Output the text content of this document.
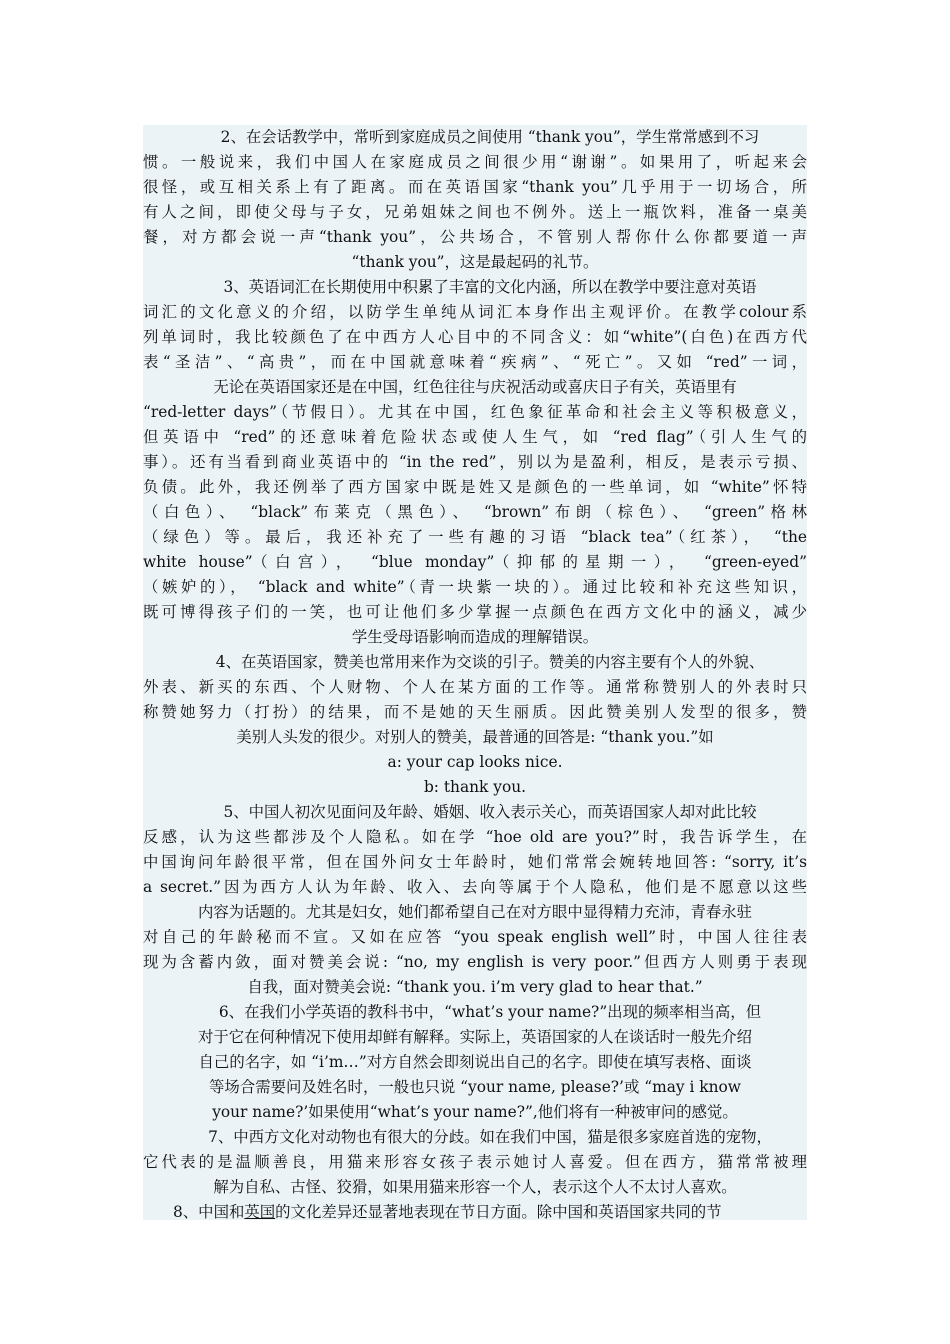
2、在会话教学中，常听到家庭成员之间使用 “thank you”，学生常常感到不习
惯。一般说来，我们中国人在家庭成员之间很少用“谢谢”。如果用了，听起来会
很怪，或互相关系上有了距离。而在英语国家“thank you”几乎用于一切场合，所
有人之间，即使父母与子女，兄弟姐妹之间也不例外。送上一瓶饮料，准备一桌美
餐，对方都会说一声“thank you”，公共场合，不管别人帮你什么你都要道一声
“thank you”，这是最起码的礼节。
3、英语词汇在长期使用中积累了丰富的文化内涵，所以在教学中要注意对英语
词汇的文化意义的介绍，以防学生单纯从词汇本身作出主观评价。在教学colour系
列单词时，我比较颜色了在中西方人心目中的不同含义：如“white”(白色)在西方代
表“圣洁”、“高贵”，而在中国就意味着“疾病”、“死亡”。又如 “red”一词，
无论在英语国家还是在中国，红色往往与庆祝活动或喜庆日子有关，英语里有
“red-letter days”（节假日）。尤其在中国，红色象征革命和社会主义等积极意义，
但英语中 “red”的还意味着危险状态或使人生气，如 “red flag”（引人生气的
事）。还有当看到商业英语中的 “in the red”，别以为是盈利，相反，是表示亏损、
负债。此外，我还例举了西方国家中既是姓又是颜色的一些单词，如 “white”怀特
（白色）、 “black”布莱克（黑色）、 “brown”布朗（棕色）、 “green”格林
（绿色）等。最后，我还补充了一些有趣的习语 “black tea”（红茶）， “the
white house”（白宫）， “blue monday”（抑郁的星期一）， “green-eyed”
（嫉妒的）， “black and white”（青一块紫一块的）。通过比较和补充这些知识，
既可博得孩子们的一笑，也可让他们多少掌握一点颜色在西方文化中的涵义，减少
学生受母语影响而造成的理解错误。
4、在英语国家，赞美也常用来作为交谈的引子。赞美的内容主要有个人的外貌、
外表、新买的东西、个人财物、个人在某方面的工作等。通常称赞别人的外表时只
称赞她努力（打扮）的结果，而不是她的天生丽质。因此赞美别人发型的很多，赞
美别人头发的很少。对别人的赞美，最普通的回答是: “thank you.”如
a: your cap looks nice.
b: thank you.
5、中国人初次见面问及年龄、婚姻、收入表示关心，而英语国家人却对此比较
反感，认为这些都涉及个人隐私。如在学 “hoe old are you?”时，我告诉学生，在
中国询问年龄很平常，但在国外问女士年龄时，她们常常会婉转地回答: “sorry, it’s
a secret.”因为西方人认为年龄、收入、去向等属于个人隐私，他们是不愿意以这些
内容为话题的。尤其是妇女，她们都希望自己在对方眼中显得精力充沛，青春永驻
对自己的年龄秘而不宣。又如在应答 “you speak english well”时，中国人往往表
现为含蓄内敛，面对赞美会说: “no, my english is very poor.”但西方人则勇于表现
自我，面对赞美会说: “thank you. i’m very glad to hear that.”
6、在我们小学英语的教科书中，“what’s your name?”出现的频率相当高，但
对于它在何种情况下使用却鲜有解释。实际上，英语国家的人在谈话时一般先介绍
自己的名字，如 “i’m…”对方自然会即刻说出自己的名字。即使在填写表格、面谈
等场合需要问及姓名时，一般也只说 “your name, please?’或 “may i know
your name?’如果使用“what’s your name?”,他们将有一种被审问的感觉。
7、中西方文化对动物也有很大的分歧。如在我们中国，猫是很多家庭首选的宠物，
它代表的是温顺善良，用猫来形容女孩子表示她讨人喜爱。但在西方，猫常常被理
解为自私、古怪、狡猾，如果用猫来形容一个人，表示这个人不太讨人喜欢。
8、中国和英国的文化差异还显著地表现在节日方面。除中国和英语国家共同的节
